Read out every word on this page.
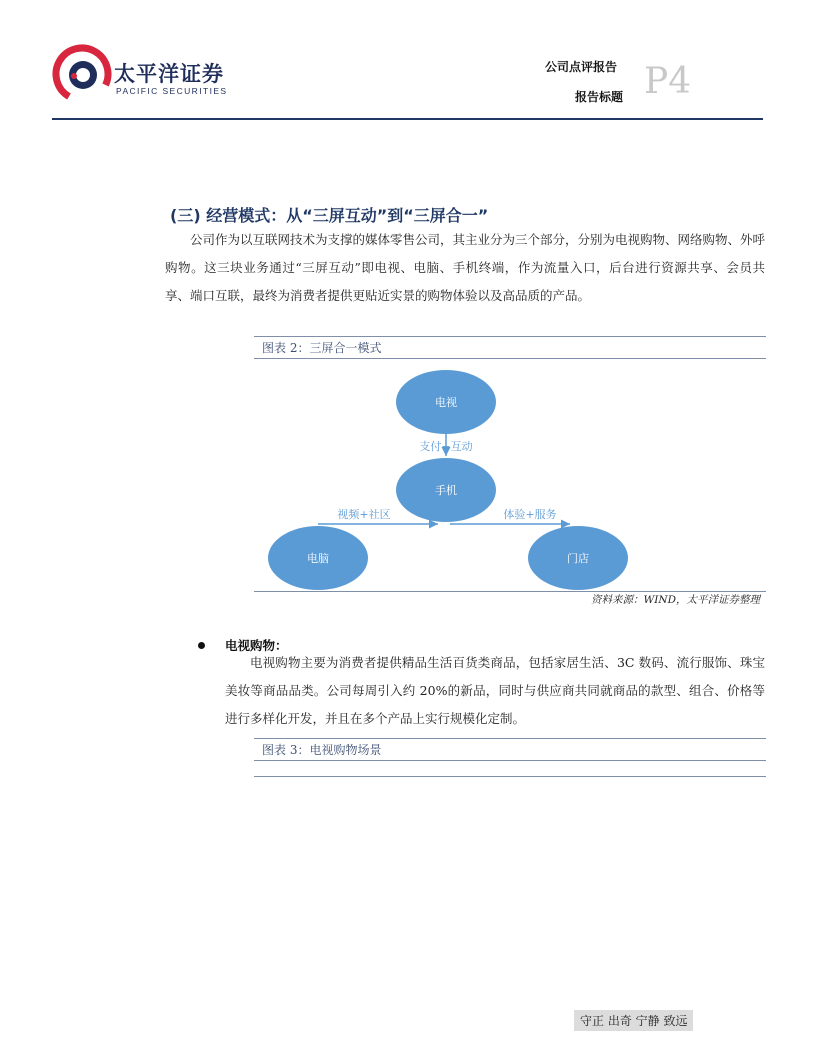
太平洋证券
PACIFIC SECURITIES
公司点评报告
报告标题 P4
(三) 经营模式：从“三屏互动”到“三屏合一”

公司作为以互联网技术为支撑的媒体零售公司，其主业分为三个部分，分别为电视购物、网络购物、外呼购物。这三块业务通过“三屏互动”即电视、电脑、手机终端，作为流量入口，后台进行资源共享、会员共享、端口互联，最终为消费者提供更贴近实景的购物体验以及高品质的产品。

图表 2：三屏合一模式
电视
手机
电脑	门店
支付+互动
视频+社区	体验+服务
资料来源：WIND，太平洋证券整理
电视购物：

电视购物主要为消费者提供精品生活百货类商品，包括家居生活、3C 数码、流行服饰、珠宝美妆等商品品类。公司每周引入约 20%的新品，同时与供应商共同就商品的款型、组合、价格等进行多样化开发，并且在多个产品上实行规模化定制。

图表 3：电视购物场景
守正 出奇 宁静 致远
